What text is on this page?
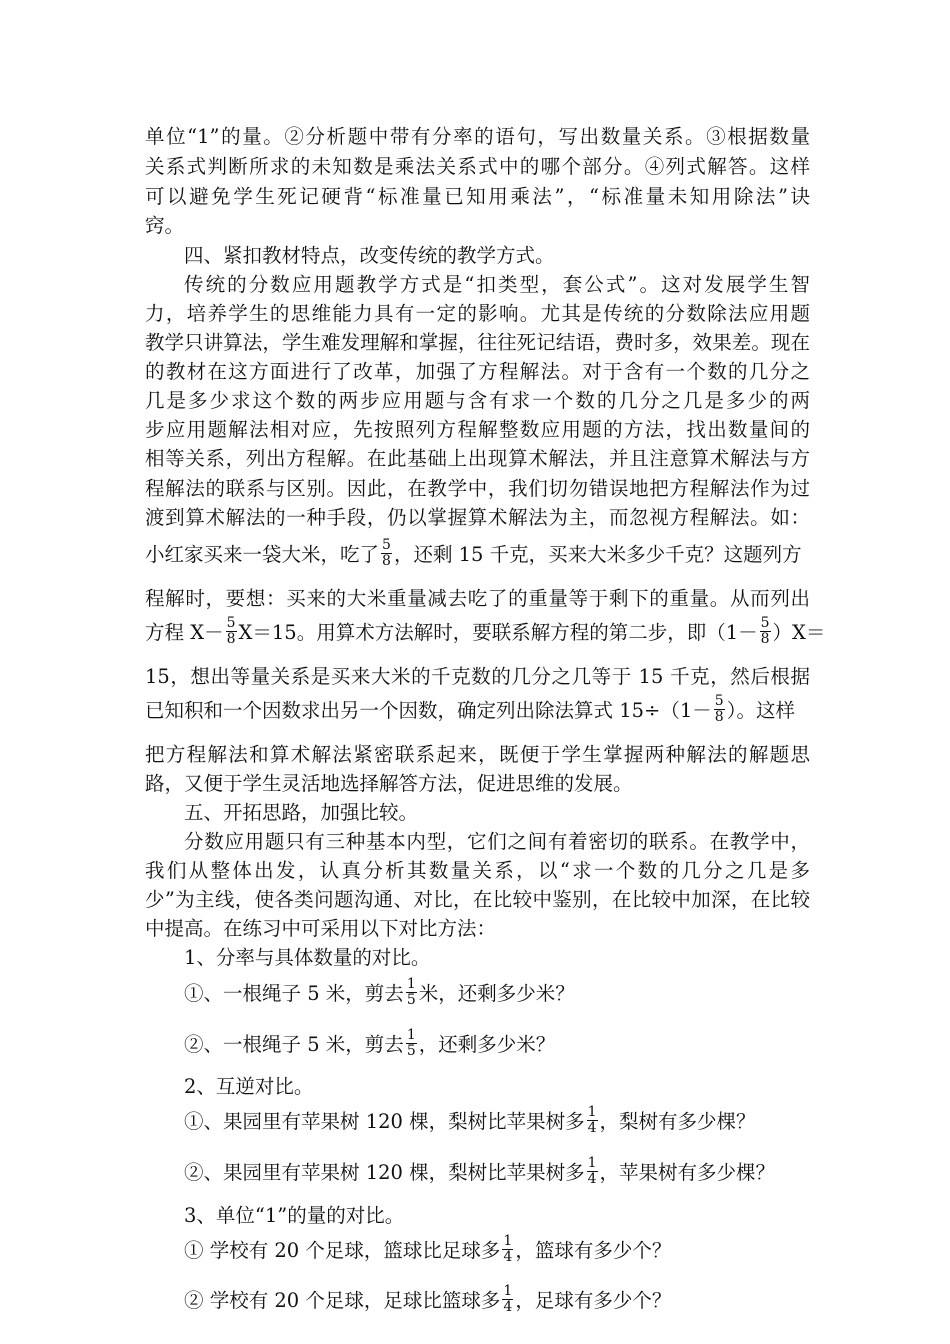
单位“1”的量。②分析题中带有分率的语句，写出数量关系。③根据数量
关系式判断所求的未知数是乘法关系式中的哪个部分。④列式解答。这样
可以避免学生死记硬背“标准量已知用乘法”，“标准量未知用除法”诀
窍。
四、紧扣教材特点，改变传统的教学方式。
传统的分数应用题教学方式是“扣类型，套公式”。这对发展学生智
力，培养学生的思维能力具有一定的影响。尤其是传统的分数除法应用题
教学只讲算法，学生难发理解和掌握，往往死记结语，费时多，效果差。现在
的教材在这方面进行了改革，加强了方程解法。对于含有一个数的几分之
几是多少求这个数的两步应用题与含有求一个数的几分之几是多少的两
步应用题解法相对应，先按照列方程解整数应用题的方法，找出数量间的
相等关系，列出方程解。在此基础上出现算术解法，并且注意算术解法与方
程解法的联系与区别。因此，在教学中，我们切勿错误地把方程解法作为过
渡到算术解法的一种手段，仍以掌握算术解法为主，而忽视方程解法。如：
小红家买来一袋大米，吃了 $\frac{5}{8}$ ，还剩 15 千克，买来大米多少千克？这题列方
程解时，要想：买来的大米重量减去吃了的重量等于剩下的重量。从而列出
方程 $X- \frac{5}{8} X=15$。用算术方法解时，要联系解方程的第二步，即$(1- \frac{5}{8} )X=$
15，想出等量关系是买来大米的千克数的几分之几等于 15 千克，然后根据
已知积和一个因数求出另一个因数，确定列出除法算式 $15\div(1- \frac{5}{8}$ ）。这样
把方程解法和算术解法紧密联系起来，既便于学生掌握两种解法的解题思
路，又便于学生灵活地选择解答方法，促进思维的发展。
五、开拓思路，加强比较。
分数应用题只有三种基本内型，它们之间有着密切的联系。在教学中，
我们从整体出发，认真分析其数量关系，以“求一个数的几分之几是多
少”为主线，使各类问题沟通、对比，在比较中鉴别，在比较中加深，在比较
中提高。在练习中可采用以下对比方法：
1、分率与具体数量的对比。
①、一根绳子 5 米，剪去 $\frac{1}{5}$ 米，还剩多少米？
②、一根绳子 5 米，剪去 $\frac{1}{5}$ ，还剩多少米？
2、互逆对比。
①、果园里有苹果树 120 棵，梨树比苹果树多 $\frac{1}{4}$ ，梨树有多少棵？
②、果园里有苹果树 120 棵，梨树比苹果树多 $\frac{1}{4}$ ，苹果树有多少棵？
3、单位“1”的量的对比。
① 学校有 20 个足球，篮球比足球多 $\frac{1}{4}$ ，篮球有多少个？
② 学校有 20 个足球，足球比篮球多 $\frac{1}{4}$ ，足球有多少个？
